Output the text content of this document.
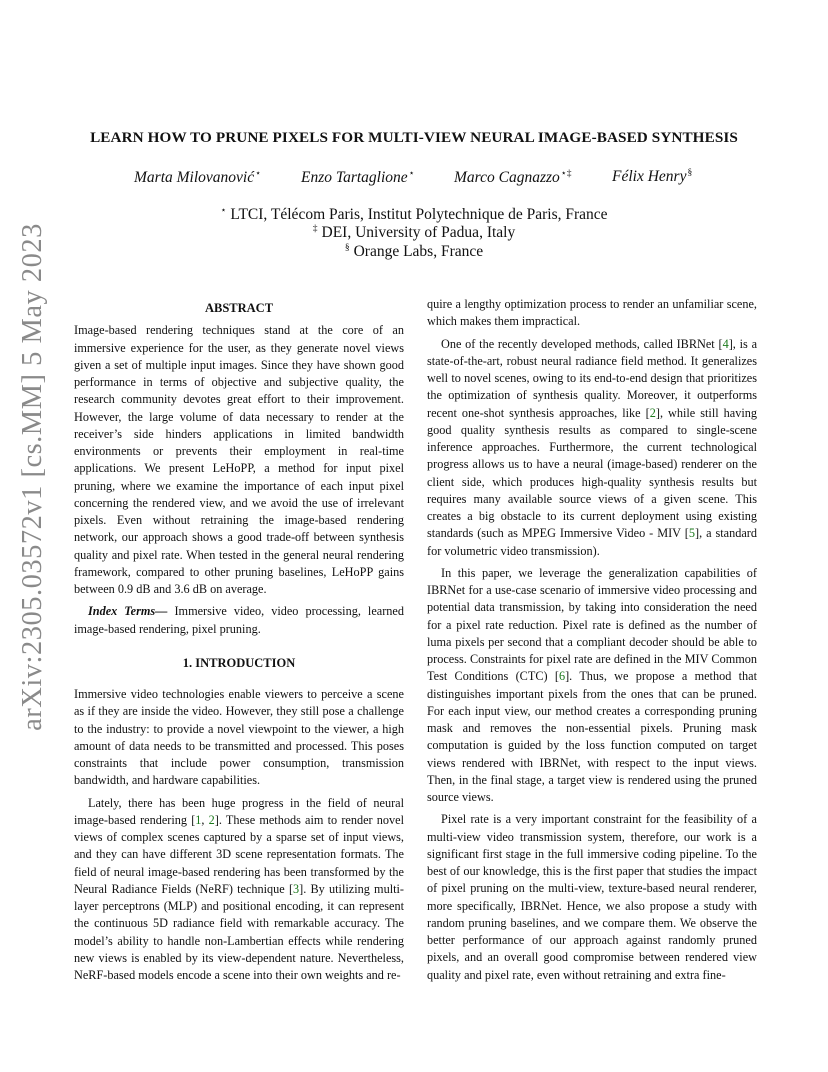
arXiv:2305.03572v1 [cs.MM] 5 May 2023
LEARN HOW TO PRUNE PIXELS FOR MULTI-VIEW NEURAL IMAGE-BASED SYNTHESIS
Marta Milovanović⋆	Enzo Tartaglione⋆	Marco Cagnazzo⋆‡	Félix Henry§
⋆ LTCI, Télécom Paris, Institut Polytechnique de Paris, France
‡ DEI, University of Padua, Italy
§ Orange Labs, France
ABSTRACT

Image-based rendering techniques stand at the core of an immersive experience for the user, as they generate novel views given a set of multiple input images. Since they have shown good performance in terms of objective and subjective quality, the research community devotes great effort to their improvement. However, the large volume of data necessary to render at the receiver’s side hinders applications in limited bandwidth environments or prevents their employment in real-time applications. We present LeHoPP, a method for input pixel pruning, where we examine the importance of each input pixel concerning the rendered view, and we avoid the use of irrelevant pixels. Even without retraining the image-based rendering network, our approach shows a good trade-off between synthesis quality and pixel rate. When tested in the general neural rendering framework, compared to other pruning baselines, LeHoPP gains between 0.9 dB and 3.6 dB on average.

Index Terms— Immersive video, video processing, learned image-based rendering, pixel pruning.

1. INTRODUCTION

Immersive video technologies enable viewers to perceive a scene as if they are inside the video. However, they still pose a challenge to the industry: to provide a novel viewpoint to the viewer, a high amount of data needs to be transmitted and processed. This poses constraints that include power consumption, transmission bandwidth, and hardware capabilities.

Lately, there has been huge progress in the field of neural image-based rendering [1, 2]. These methods aim to render novel views of complex scenes captured by a sparse set of input views, and they can have different 3D scene representation formats. The field of neural image-based rendering has been transformed by the Neural Radiance Fields (NeRF) technique [3]. By utilizing multi-layer perceptrons (MLP) and positional encoding, it can represent the continuous 5D radiance field with remarkable accuracy. The model’s ability to handle non-Lambertian effects while rendering new views is enabled by its view-dependent nature. Nevertheless, NeRF-based models encode a scene into their own weights and re-

quire a lengthy optimization process to render an unfamiliar scene, which makes them impractical.

One of the recently developed methods, called IBRNet [4], is a state-of-the-art, robust neural radiance field method. It generalizes well to novel scenes, owing to its end-to-end design that prioritizes the optimization of synthesis quality. Moreover, it outperforms recent one-shot synthesis approaches, like [2], while still having good quality synthesis results as compared to single-scene inference approaches. Furthermore, the current technological progress allows us to have a neural (image-based) renderer on the client side, which produces high-quality synthesis results but requires many available source views of a given scene. This creates a big obstacle to its current deployment using existing standards (such as MPEG Immersive Video - MIV [5], a standard for volumetric video transmission).

In this paper, we leverage the generalization capabilities of IBRNet for a use-case scenario of immersive video processing and potential data transmission, by taking into consideration the need for a pixel rate reduction. Pixel rate is defined as the number of luma pixels per second that a compliant decoder should be able to process. Constraints for pixel rate are defined in the MIV Common Test Conditions (CTC) [6]. Thus, we propose a method that distinguishes important pixels from the ones that can be pruned. For each input view, our method creates a corresponding pruning mask and removes the non-essential pixels. Pruning mask computation is guided by the loss function computed on target views rendered with IBRNet, with respect to the input views. Then, in the final stage, a target view is rendered using the pruned source views.

Pixel rate is a very important constraint for the feasibility of a multi-view video transmission system, therefore, our work is a significant first stage in the full immersive coding pipeline. To the best of our knowledge, this is the first paper that studies the impact of pixel pruning on the multi-view, texture-based neural renderer, more specifically, IBRNet. Hence, we also propose a study with random pruning baselines, and we compare them. We observe the better performance of our approach against randomly pruned pixels, and an overall good compromise between rendered view quality and pixel rate, even without retraining and extra fine-
